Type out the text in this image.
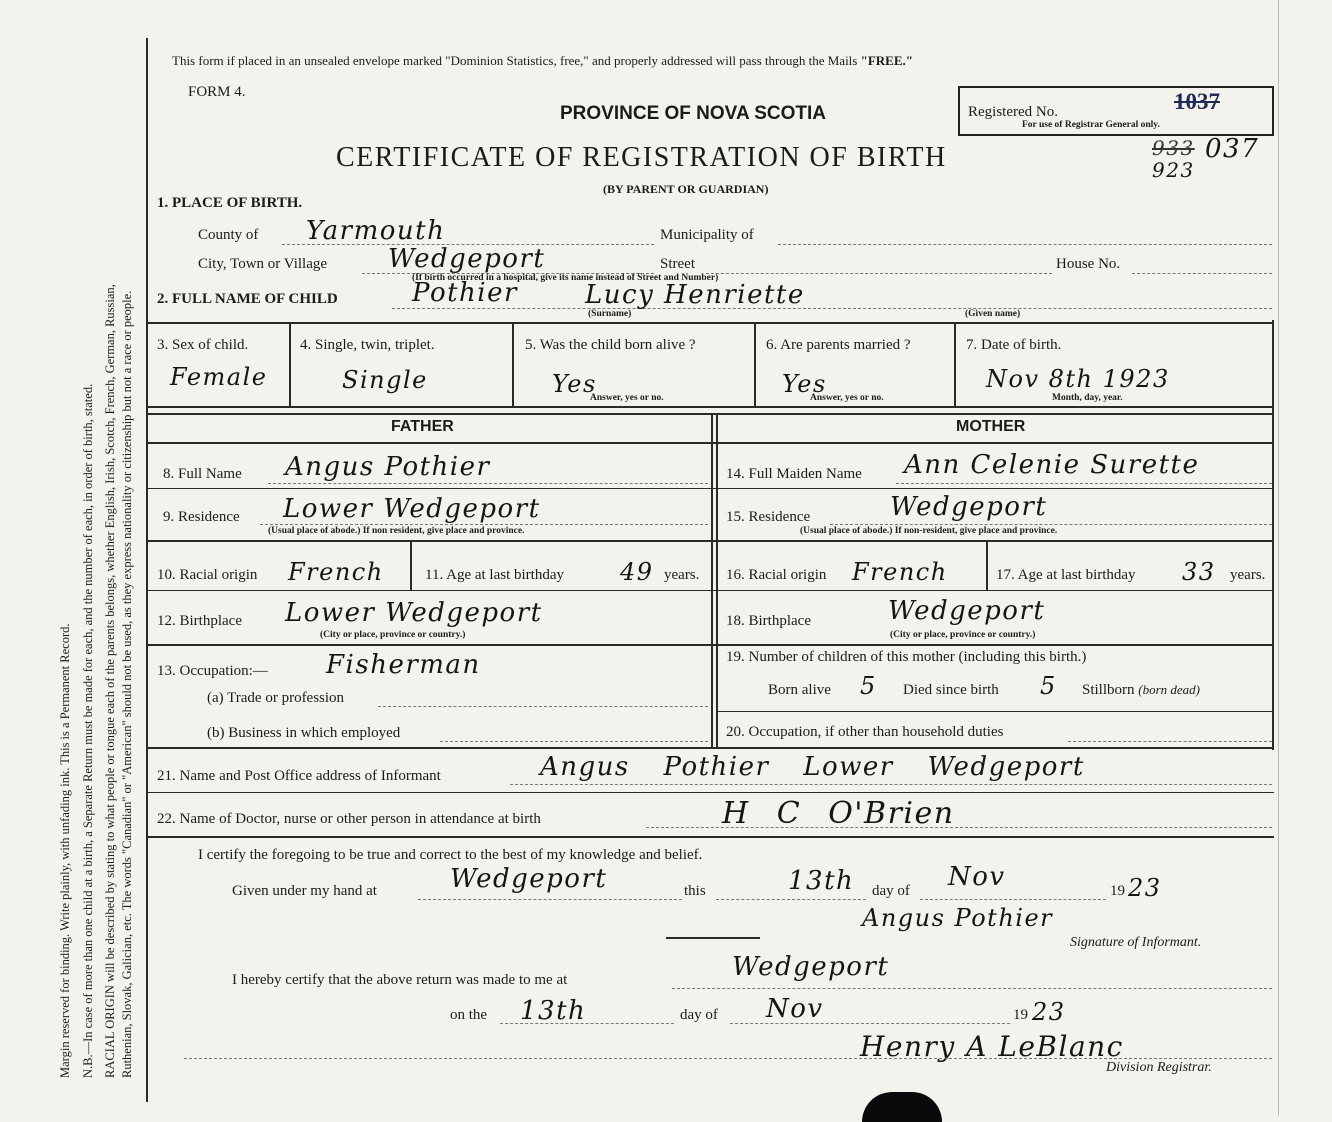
Margin reserved for binding. Write plainly, with unfading ink. This is a Permanent Record. N.B.—In case of more than one child at a birth, a Separate Return must be made for each, and the number of each, in order of birth, stated. RACIAL ORIGIN will be described by stating to what people or tongue each of the parents belongs, whether English, Irish, Scotch, French, German, Russian, Ruthenian, Slovak, Galician, etc. The words "Canadian" or "American" should not be used, as they express nationality or citizenship but not a race or people.
This form if placed in an unsealed envelope marked "Dominion Statistics, free," and properly addressed will pass through the Mails "FREE."
FORM 4.
PROVINCE OF NOVA SCOTIA	Registered No.	1037
For use of Registrar General only.
CERTIFICATE OF REGISTRATION OF BIRTH
(BY PARENT OR GUARDIAN)
933 037
923
1. PLACE OF BIRTH.
County of Yarmouth	Municipality of
City, Town or Village Wedgeport	Street	House No.
(If birth occurred in a hospital, give its name instead of Street and Number)
2. FULL NAME OF CHILD	Pothier	Lucy Henriette
(Surname)	(Given name)
3. Sex of child.
Female
4. Single, twin, triplet.
Single
5. Was the child born alive ?
Yes
Answer, yes or no.
6. Are parents married ?
Yes
Answer, yes or no.
7. Date of birth.
Nov 8th 1923
Month, day, year.
FATHER	MOTHER
8. Full Name Angus Pothier
9. Residence Lower Wedgeport
(Usual place of abode.) If non resident, give place and province.
10. Racial origin French	11. Age at last birthday 49 years.
12. Birthplace Lower Wedgeport
(City or place, province or country.)
13. Occupation:— Fisherman
(a) Trade or profession
(b) Business in which employed
14. Full Maiden Name Ann Celenie Surette
15. Residence	Wedgeport
(Usual place of abode.) If non-resident, give place and province.
16. Racial origin French	17. Age at last birthday 33 years.
18. Birthplace	Wedgeport
(City or place, province or country.)
19. Number of children of this mother (including this birth.)
Born alive 5 Died since birth 5 Stillborn (born dead)
20. Occupation, if other than household duties
21. Name and Post Office address of Informant	Angus Pothier Lower Wedgeport
22. Name of Doctor, nurse or other person in attendance at birth	H C O'Brien
I certify the foregoing to be true and correct to the best of my knowledge and belief.
Given under my hand at	Wedgeport	this	13th day of Nov	19 23
Angus Pothier
Signature of Informant.
I hereby certify that the above return was made to me at	Wedgeport
on the 13th	day of Nov	19 23
Henry A LeBlanc
Division Registrar.
